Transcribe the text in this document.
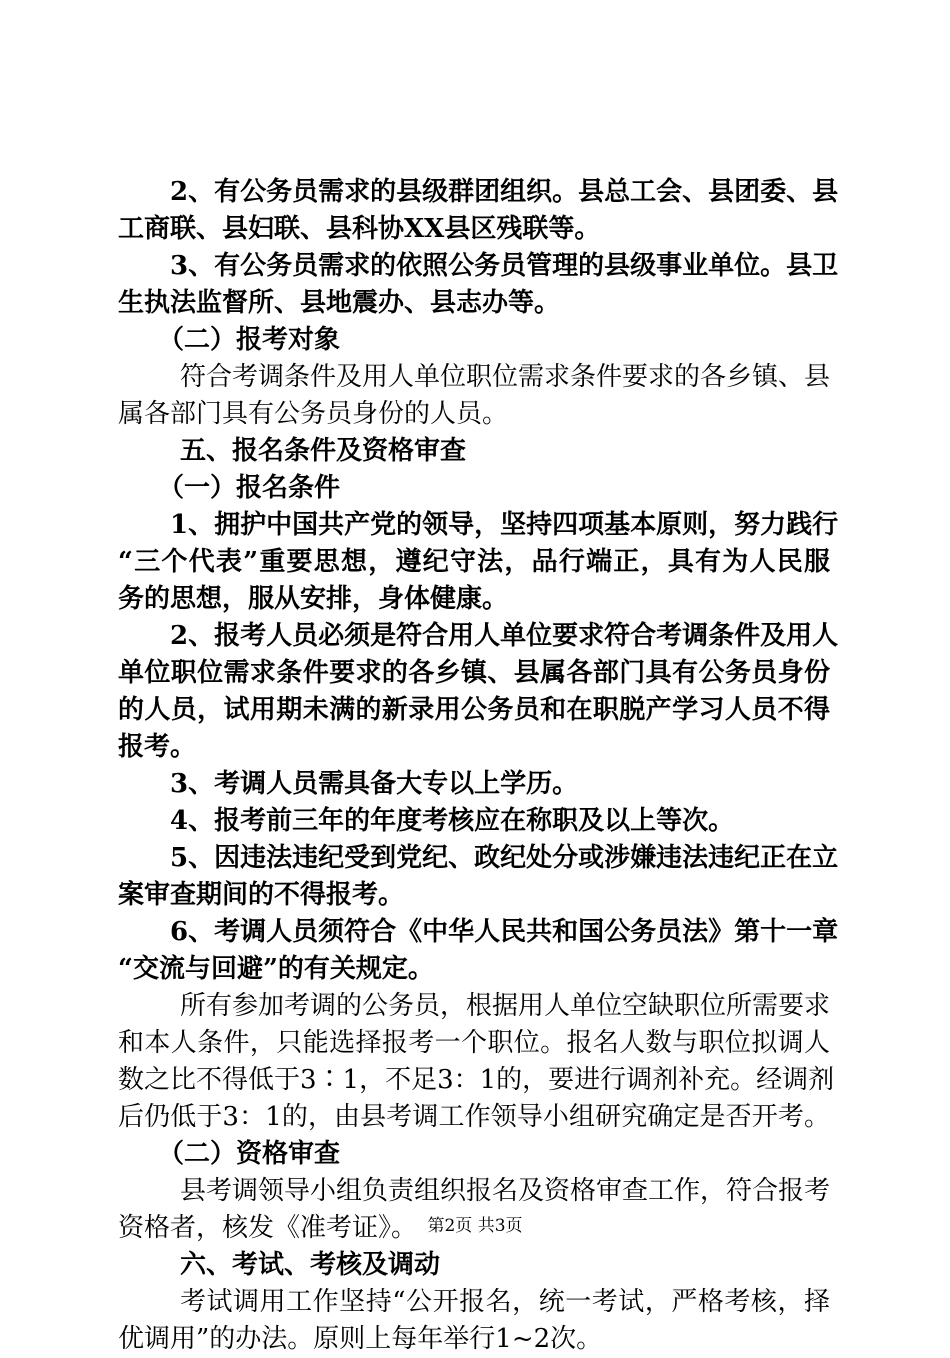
2、有公务员需求的县级群团组织。县总工会、县团委、县
工商联、县妇联、县科协XX县区残联等。
3、有公务员需求的依照公务员管理的县级事业单位。县卫
生执法监督所、县地震办、县志办等。
（二）报考对象
符合考调条件及用人单位职位需求条件要求的各乡镇、县
属各部门具有公务员身份的人员。
五、报名条件及资格审查
（一）报名条件
1、拥护中国共产党的领导，坚持四项基本原则，努力践行
“三个代表”重要思想，遵纪守法，品行端正，具有为人民服
务的思想，服从安排，身体健康。
2、报考人员必须是符合用人单位要求符合考调条件及用人
单位职位需求条件要求的各乡镇、县属各部门具有公务员身份
的人员，试用期未满的新录用公务员和在职脱产学习人员不得
报考。
3、考调人员需具备大专以上学历。
4、报考前三年的年度考核应在称职及以上等次。
5、因违法违纪受到党纪、政纪处分或涉嫌违法违纪正在立
案审查期间的不得报考。
6、考调人员须符合《中华人民共和国公务员法》第十一章
“交流与回避”的有关规定。
所有参加考调的公务员，根据用人单位空缺职位所需要求
和本人条件，只能选择报考一个职位。报名人数与职位拟调人
数之比不得低于3∶1，不足3：1的，要进行调剂补充。经调剂
后仍低于3：1的，由县考调工作领导小组研究确定是否开考。
（二）资格审查
县考调领导小组负责组织报名及资格审查工作，符合报考
资格者，核发《准考证》。
六、考试、考核及调动
考试调用工作坚持“公开报名，统一考试，严格考核，择
优调用”的办法。原则上每年举行1~2次。
第2页 共3页
